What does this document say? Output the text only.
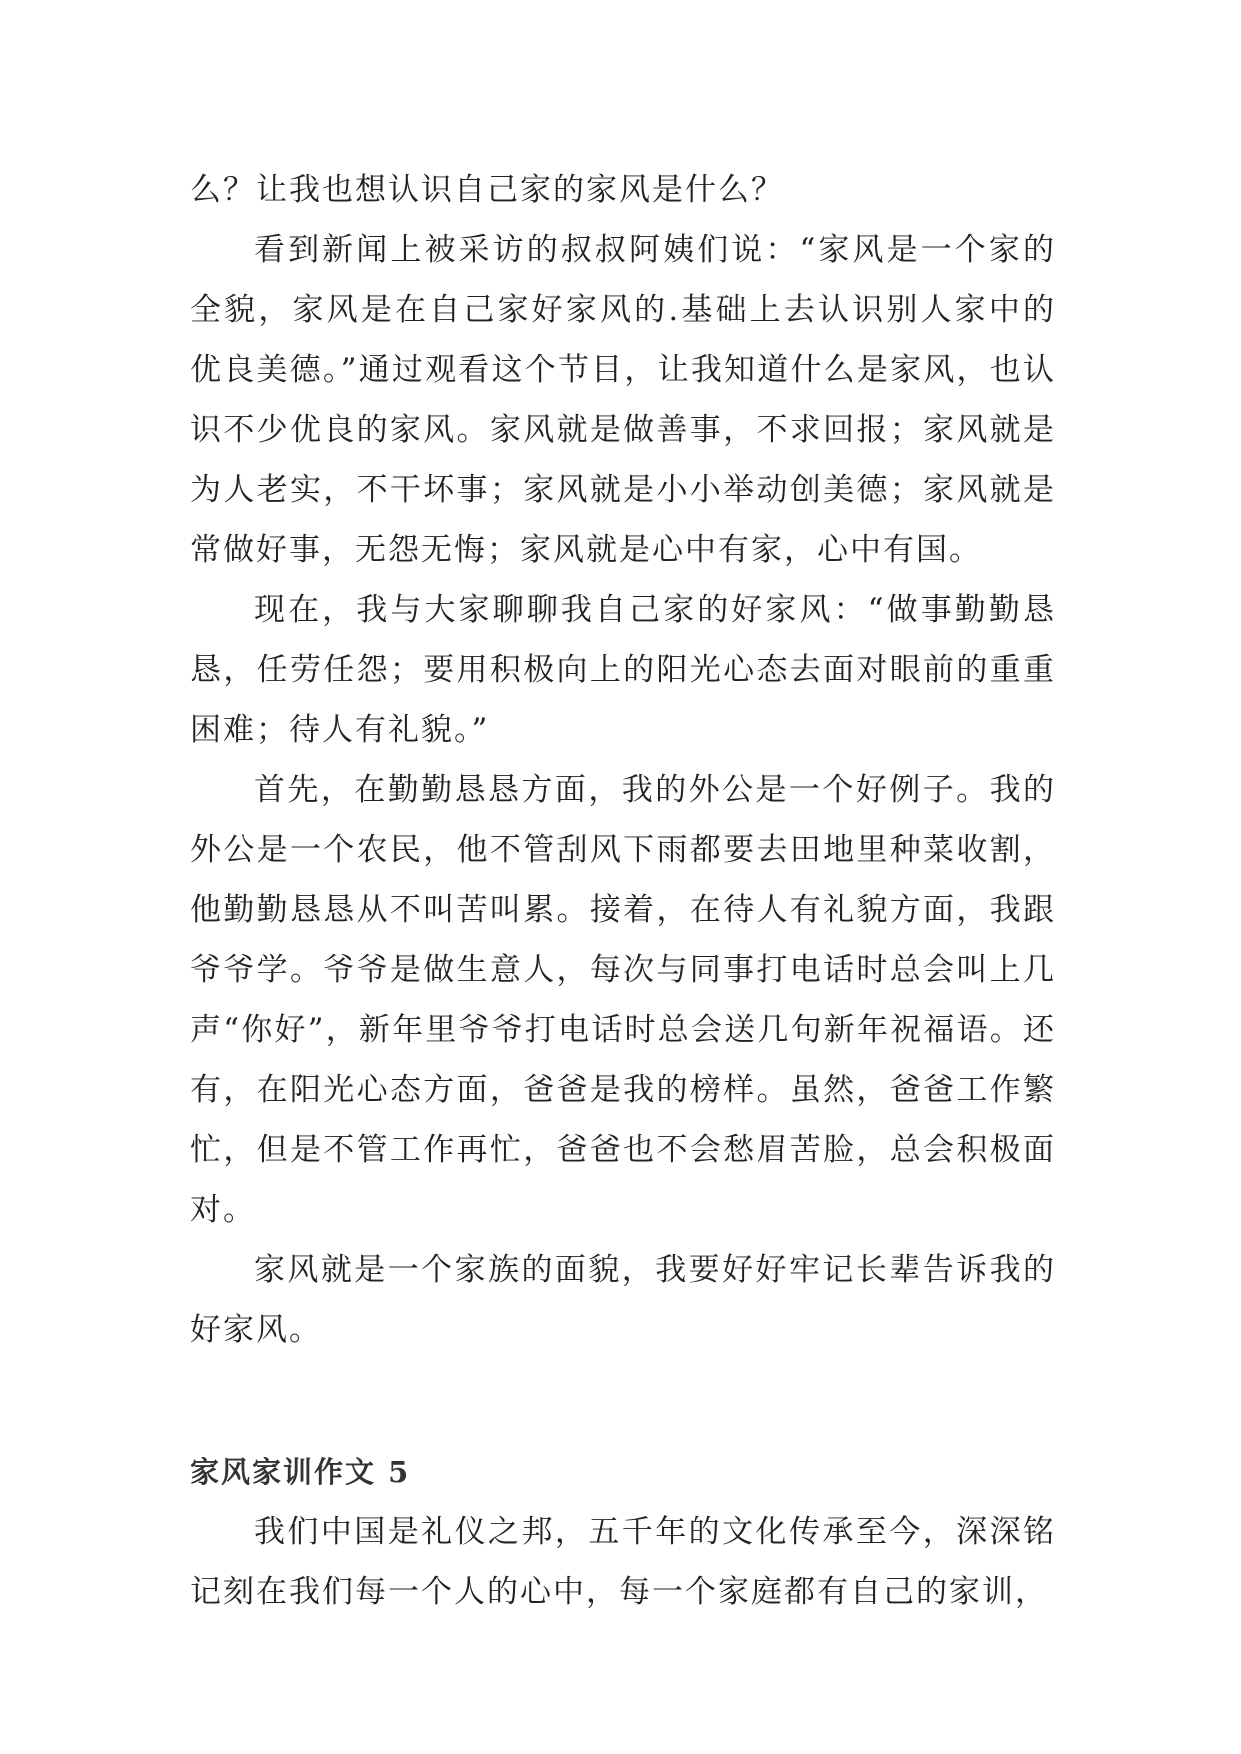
么？让我也想认识自己家的家风是什么？

看到新闻上被采访的叔叔阿姨们说：“家风是一个家的全貌，家风是在自己家好家风的.基础上去认识别人家中的优良美德。”通过观看这个节目，让我知道什么是家风，也认识不少优良的家风。家风就是做善事，不求回报；家风就是为人老实，不干坏事；家风就是小小举动创美德；家风就是常做好事，无怨无悔；家风就是心中有家，心中有国。

现在，我与大家聊聊我自己家的好家风：“做事勤勤恳恳，任劳任怨；要用积极向上的阳光心态去面对眼前的重重困难；待人有礼貌。”

首先，在勤勤恳恳方面，我的外公是一个好例子。我的外公是一个农民，他不管刮风下雨都要去田地里种菜收割，他勤勤恳恳从不叫苦叫累。接着，在待人有礼貌方面，我跟爷爷学。爷爷是做生意人，每次与同事打电话时总会叫上几声“你好”，新年里爷爷打电话时总会送几句新年祝福语。还有，在阳光心态方面，爸爸是我的榜样。虽然，爸爸工作繁忙，但是不管工作再忙，爸爸也不会愁眉苦脸，总会积极面对。

家风就是一个家族的面貌，我要好好牢记长辈告诉我的好家风。

家风家训作文 5

我们中国是礼仪之邦，五千年的文化传承至今，深深铭记刻在我们每一个人的心中，每一个家庭都有自己的家训，
